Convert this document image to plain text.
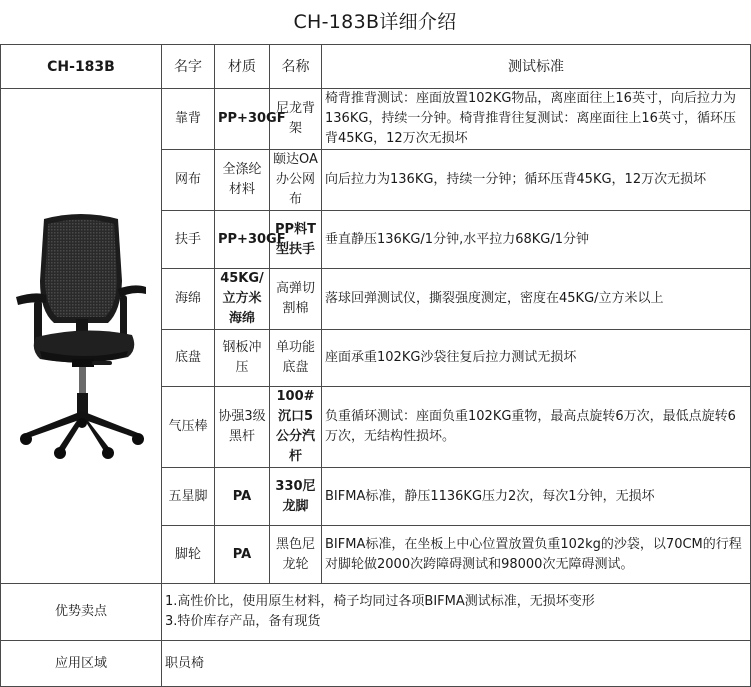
CH-183B详细介绍
CH-183B	名字	材质	名称	测试标准

	靠背	PP+30GF	尼龙背架	椅背推背测试：座面放置102KG物品，离座面往上16英寸，向后拉力为136KG，持续一分钟。椅背推背往复测试：离座面往上16英寸，循环压背45KG，12万次无损坏
	网布	全涤纶材料	颐达OA办公网布	向后拉力为136KG，持续一分钟；循环压背45KG，12万次无损坏
	扶手	PP+30GF	PP料T型扶手	垂直静压136KG/1分钟,水平拉力68KG/1分钟
	海绵	45KG/立方米海绵	高弹切割棉	落球回弹测试仪，撕裂强度测定，密度在45KG/立方米以上
	底盘	钢板冲压	单功能底盘	座面承重102KG沙袋往复后拉力测试无损坏
	气压棒	协强3级黑杆	100#沉口5公分汽杆	负重循环测试：座面负重102KG重物，最高点旋转6万次，最低点旋转6万次，无结构性损坏。
	五星脚	PA	330尼龙脚	BIFMA标准，静压1136KG压力2次，每次1分钟，无损坏
	脚轮	PA	黑色尼龙轮	BIFMA标准，在坐板上中心位置放置负重102kg的沙袋，以70CM的行程对脚轮做2000次跨障碍测试和98000次无障碍测试。
优势卖点	1.高性价比，使用原生材料，椅子均同过各项BIFMA测试标准，无损坏变形
3.特价库存产品，备有现货			

应用区域	职员椅			
